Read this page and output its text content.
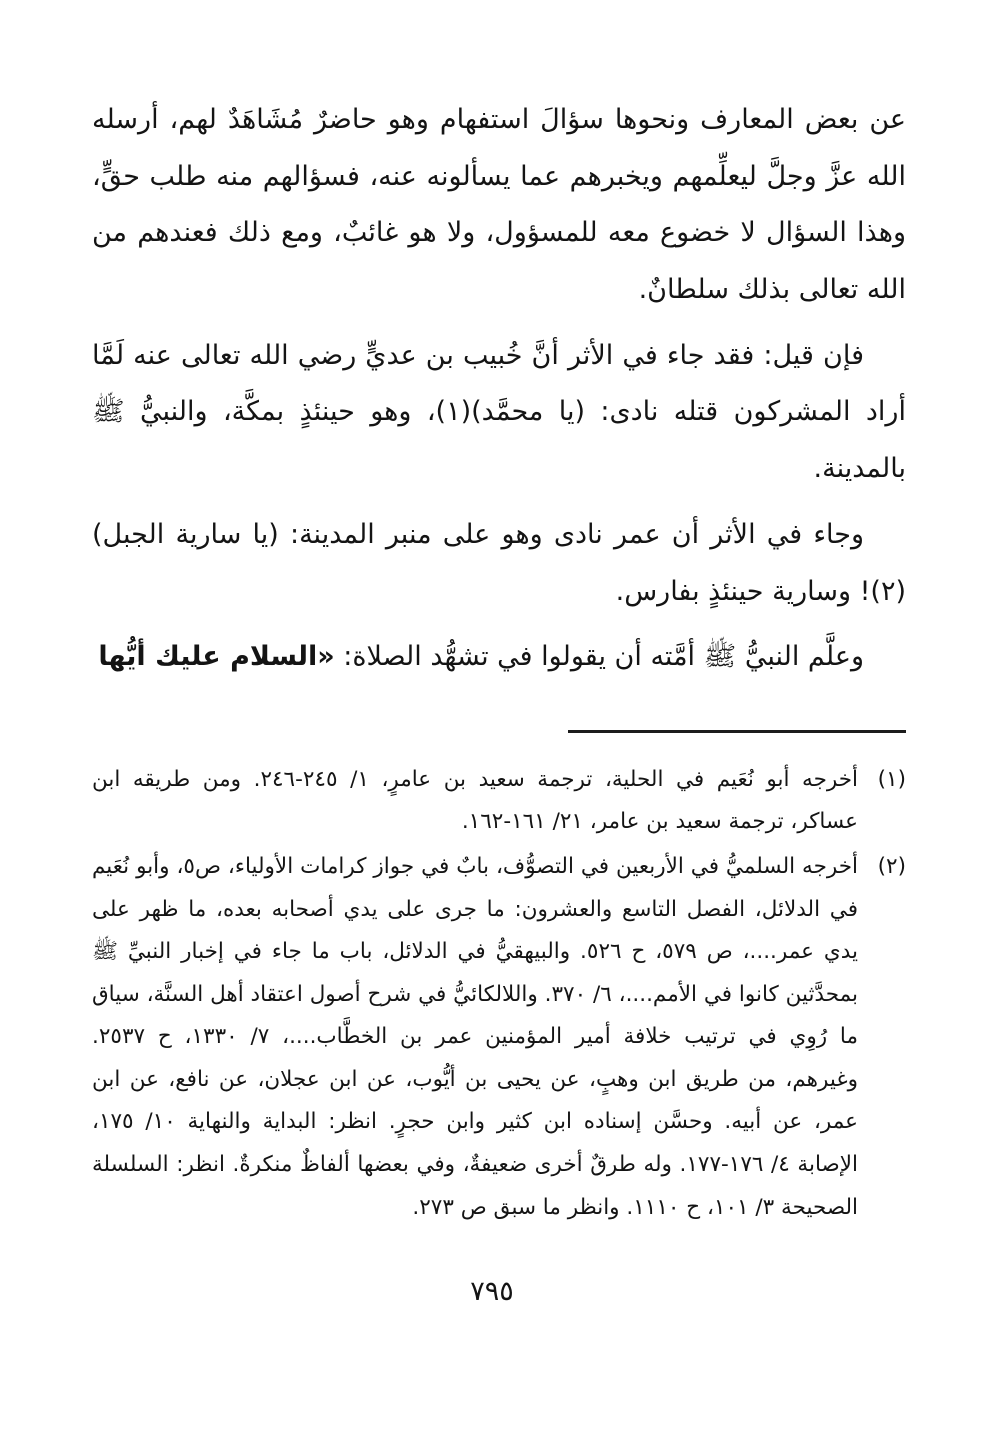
عن بعض المعارف ونحوها سؤالَ استفهام وهو حاضرٌ مُشَاهَدٌ لهم، أرسله الله عزَّ وجلَّ ليعلِّمهم ويخبرهم عما يسألونه عنه، فسؤالهم منه طلب حقٍّ، وهذا السؤال لا خضوع معه للمسؤول، ولا هو غائبٌ، ومع ذلك فعندهم من الله تعالى بذلك سلطانٌ.

فإن قيل: فقد جاء في الأثر أنَّ خُبيب بن عديٍّ رضي الله تعالى عنه لَمَّا أراد المشركون قتله نادى: (يا محمَّد)(١)، وهو حينئذٍ بمكَّة، والنبيُّ ﷺ بالمدينة.

وجاء في الأثر أن عمر نادى وهو على منبر المدينة: (يا سارية الجبل)(٢)! وسارية حينئذٍ بفارس.

وعلَّم النبيُّ ﷺ أمَّته أن يقولوا في تشهُّد الصلاة: «السلام عليك أيُّها

(١)
أخرجه أبو نُعَيم في الحلية، ترجمة سعيد بن عامرٍ، ١/ ٢٤٥-٢٤٦. ومن طريقه ابن عساكر، ترجمة سعيد بن عامر، ٢١/ ١٦١-١٦٢.
(٢)
أخرجه السلميُّ في الأربعين في التصوُّف، بابٌ في جواز كرامات الأولياء، ص٥، وأبو نُعَيم في الدلائل، الفصل التاسع والعشرون: ما جرى على يدي أصحابه بعده، ما ظهر على يدي عمر....، ص ٥٧٩، ح ٥٢٦. والبيهقيُّ في الدلائل، باب ما جاء في إخبار النبيِّ ﷺ بمحدَّثين كانوا في الأمم....، ٦/ ٣٧٠. واللالكائيُّ في شرح أصول اعتقاد أهل السنَّة، سياق ما رُوِي في ترتيب خلافة أمير المؤمنين عمر بن الخطَّاب....، ٧/ ١٣٣٠، ح ٢٥٣٧. وغيرهم، من طريق ابن وهبٍ، عن يحيى بن أيُّوب، عن ابن عجلان، عن نافع، عن ابن عمر، عن أبيه. وحسَّن إسناده ابن كثير وابن حجرٍ. انظر: البداية والنهاية ١٠/ ١٧٥، الإصابة ٤/ ١٧٦-١٧٧. وله طرقٌ أخرى ضعيفةٌ، وفي بعضها ألفاظٌ منكرةٌ. انظر: السلسلة الصحيحة ٣/ ١٠١، ح ١١١٠. وانظر ما سبق ص ٢٧٣.
٧٩٥
